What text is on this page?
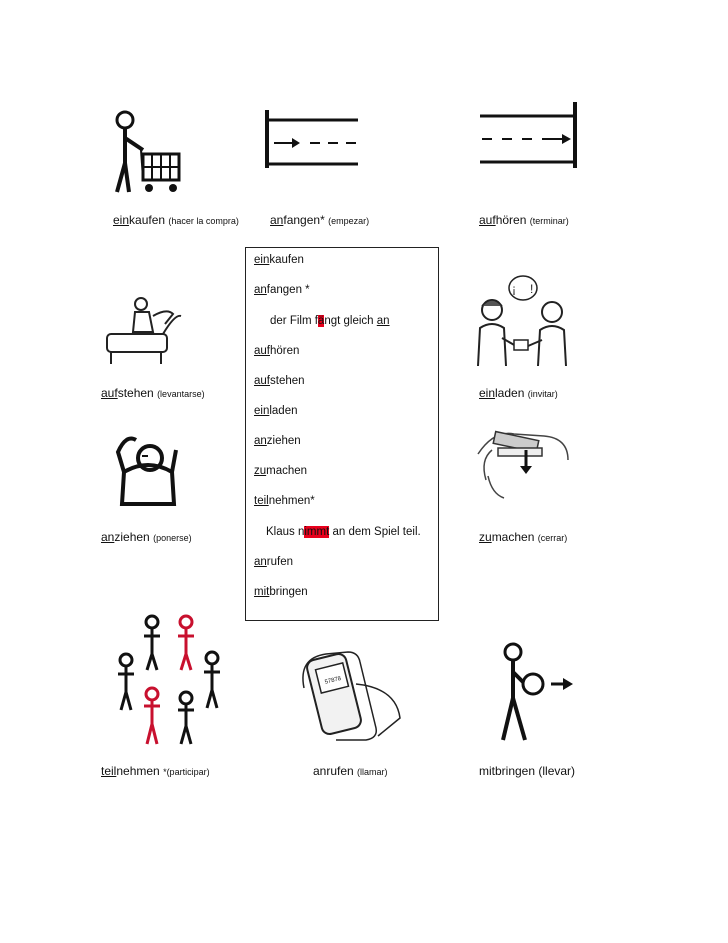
einkaufen (hacer la compra)	anfangen* (empezar)	aufhören (terminar)
¡ !
aufstehen (levantarse)	einladen (invitar)
anziehen (ponerse)	zumachen (cerrar)
57878
teilnehmen *(participar)	anrufen (llamar)	mitbringen (llevar)
einkaufen
anfangen *
der Film fängt gleich an
aufhören
aufstehen
einladen
anziehen
zumachen
teilnehmen*
Klaus nimmt an dem Spiel teil.
anrufen
mitbringen
